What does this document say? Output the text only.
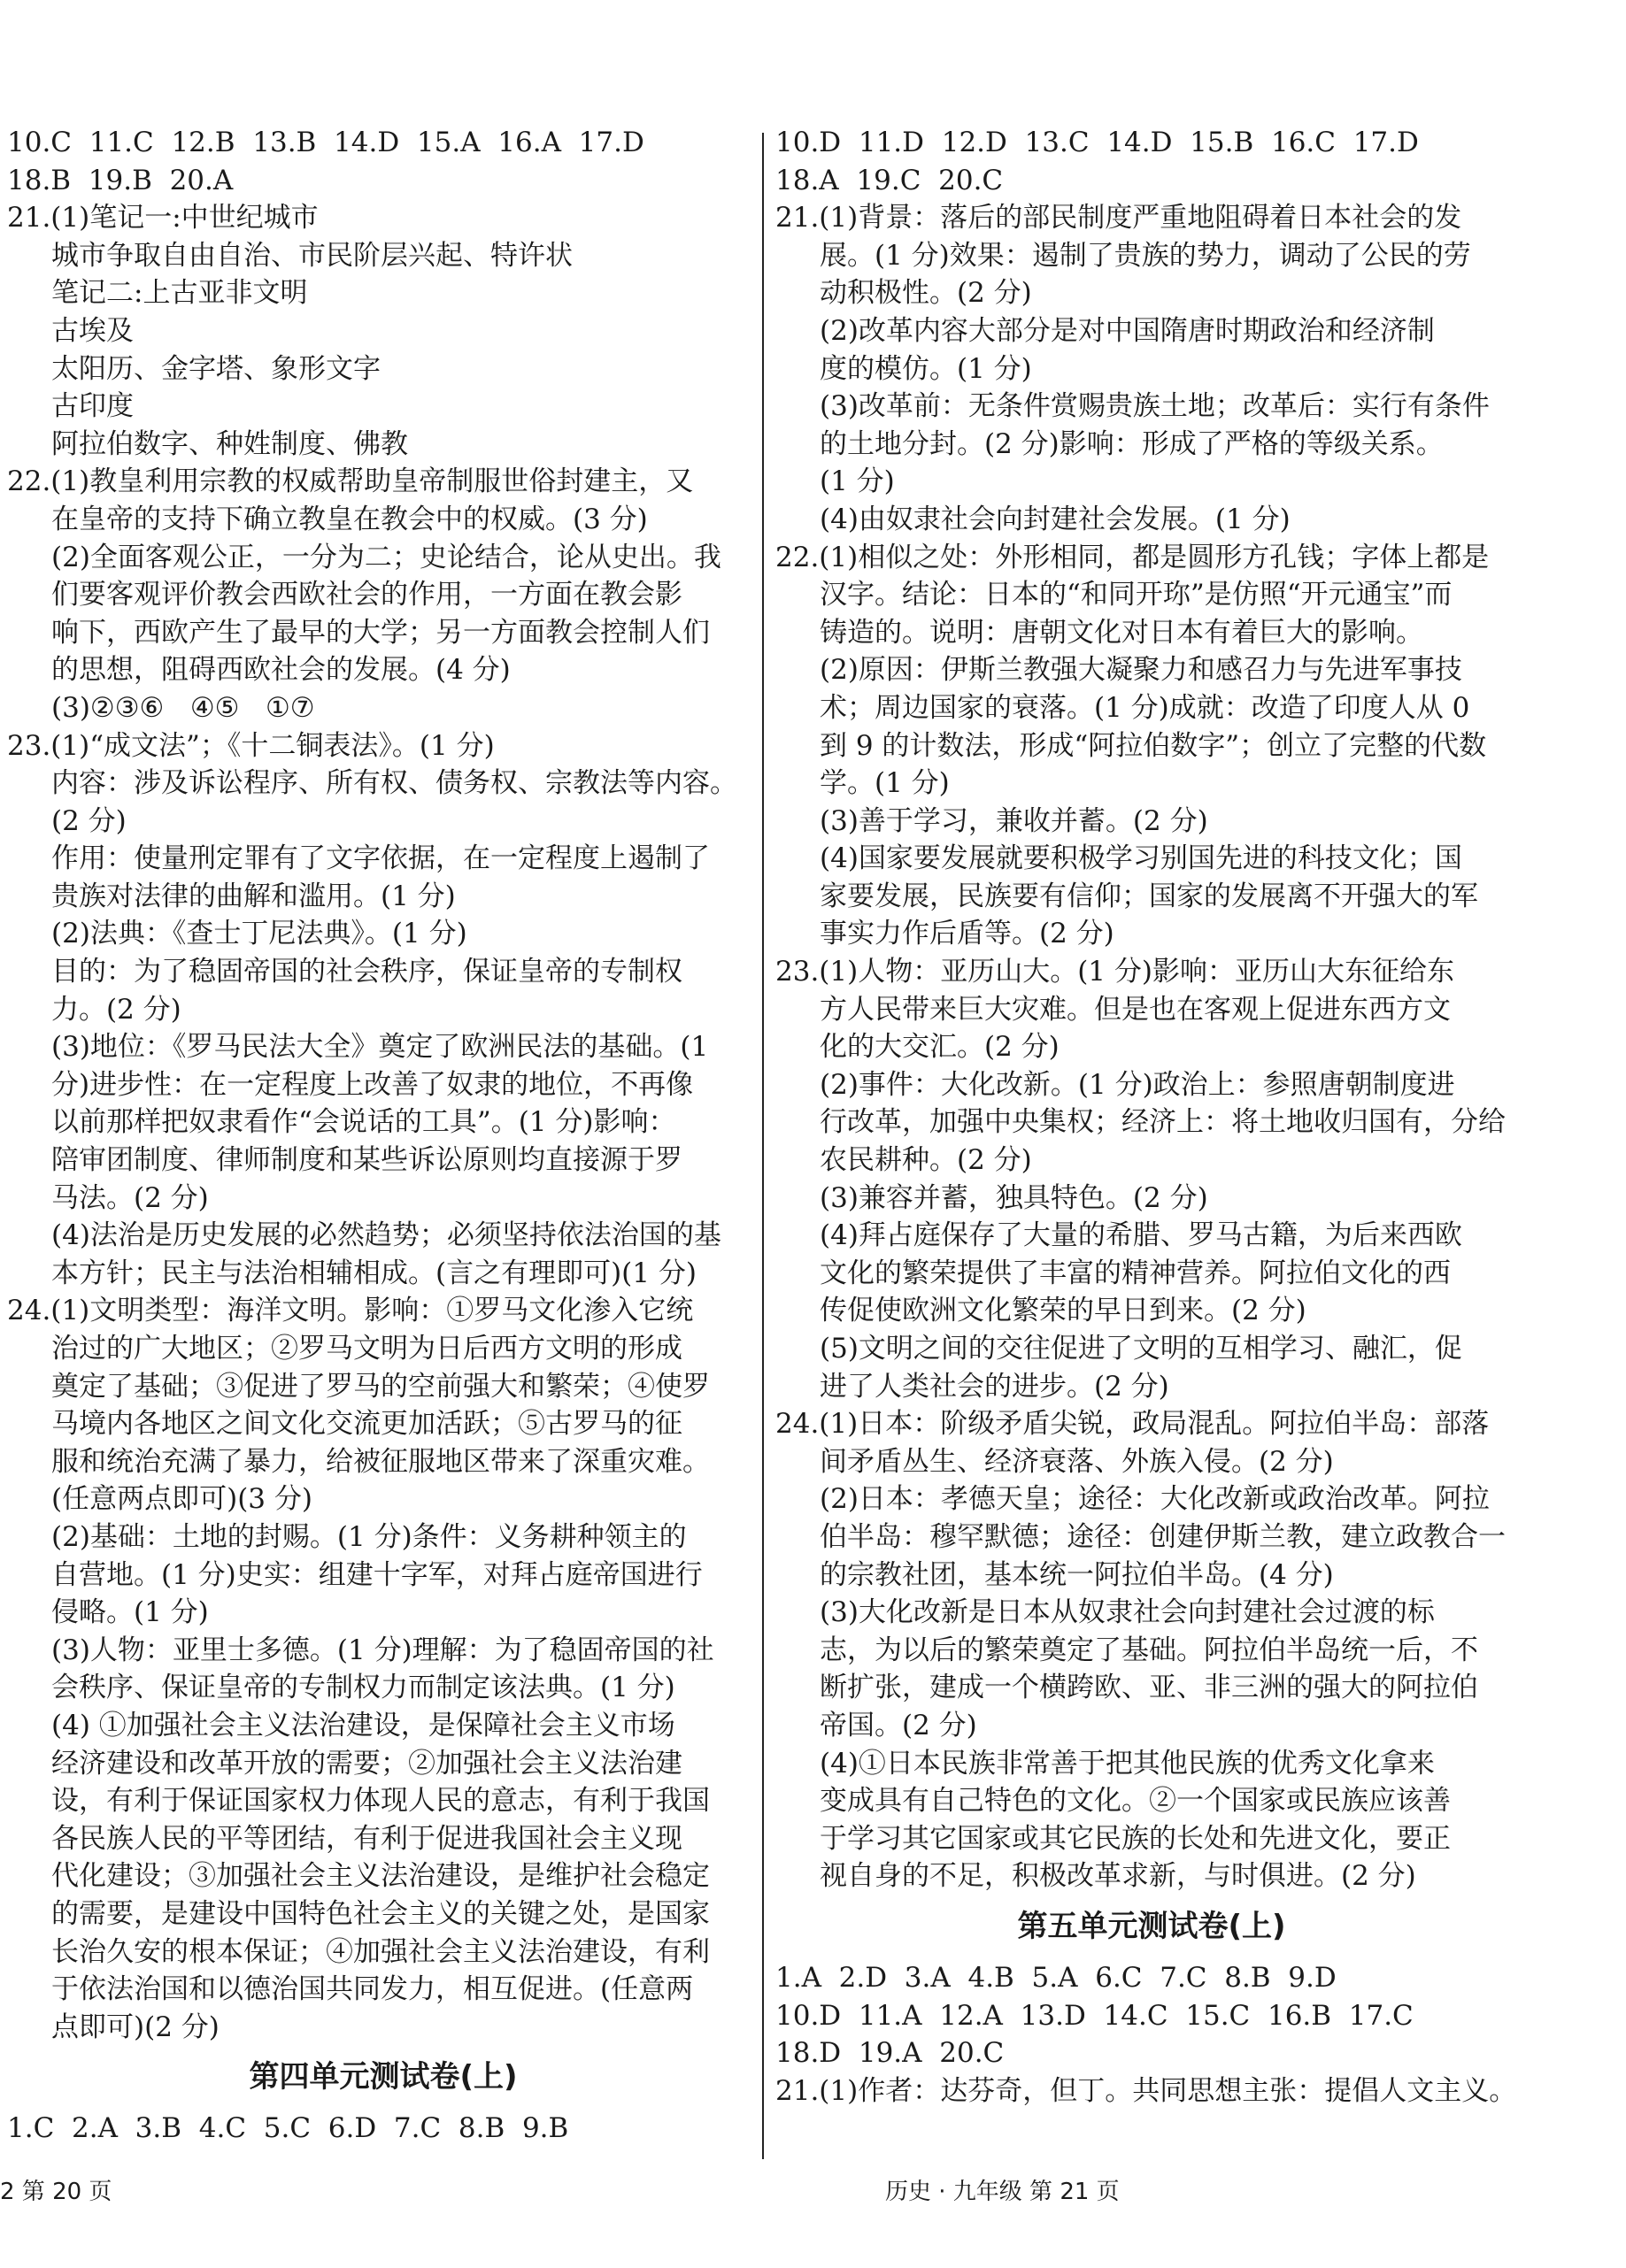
10.C  11.C  12.B  13.B  14.D  15.A  16.A  17.D
18.B  19.B  20.A
21.(1)笔记一:中世纪城市
城市争取自由自治、市民阶层兴起、特许状
笔记二:上古亚非文明
古埃及
太阳历、金字塔、象形文字
古印度
阿拉伯数字、种姓制度、佛教
22.(1)教皇利用宗教的权威帮助皇帝制服世俗封建主，又
在皇帝的支持下确立教皇在教会中的权威。(3 分)
(2)全面客观公正，一分为二；史论结合，论从史出。我
们要客观评价教会西欧社会的作用，一方面在教会影
响下，西欧产生了最早的大学；另一方面教会控制人们
的思想，阻碍西欧社会的发展。(4 分)
(3)②③⑥   ④⑤   ①⑦
23.(1)“成文法”；《十二铜表法》。(1 分)
内容：涉及诉讼程序、所有权、债务权、宗教法等内容。
(2 分)
作用：使量刑定罪有了文字依据，在一定程度上遏制了
贵族对法律的曲解和滥用。(1 分)
(2)法典：《查士丁尼法典》。(1 分)
目的：为了稳固帝国的社会秩序，保证皇帝的专制权
力。(2 分)
(3)地位：《罗马民法大全》奠定了欧洲民法的基础。(1
分)进步性：在一定程度上改善了奴隶的地位，不再像
以前那样把奴隶看作“会说话的工具”。(1 分)影响：
陪审团制度、律师制度和某些诉讼原则均直接源于罗
马法。(2 分)
(4)法治是历史发展的必然趋势；必须坚持依法治国的基
本方针；民主与法治相辅相成。(言之有理即可)(1 分)
24.(1)文明类型：海洋文明。影响：①罗马文化渗入它统
治过的广大地区；②罗马文明为日后西方文明的形成
奠定了基础；③促进了罗马的空前强大和繁荣；④使罗
马境内各地区之间文化交流更加活跃；⑤古罗马的征
服和统治充满了暴力，给被征服地区带来了深重灾难。
(任意两点即可)(3 分)
(2)基础：土地的封赐。(1 分)条件：义务耕种领主的
自营地。(1 分)史实：组建十字军，对拜占庭帝国进行
侵略。(1 分)
(3)人物：亚里士多德。(1 分)理解：为了稳固帝国的社
会秩序、保证皇帝的专制权力而制定该法典。(1 分)
(4) ①加强社会主义法治建设，是保障社会主义市场
经济建设和改革开放的需要；②加强社会主义法治建
设，有利于保证国家权力体现人民的意志，有利于我国
各民族人民的平等团结，有利于促进我国社会主义现
代化建设；③加强社会主义法治建设，是维护社会稳定
的需要，是建设中国特色社会主义的关键之处，是国家
长治久安的根本保证；④加强社会主义法治建设，有利
于依法治国和以德治国共同发力，相互促进。(任意两
点即可)(2 分)
第四单元测试卷(上)
1.C  2.A  3.B  4.C  5.C  6.D  7.C  8.B  9.B
10.D  11.D  12.D  13.C  14.D  15.B  16.C  17.D
18.A  19.C  20.C
21.(1)背景：落后的部民制度严重地阻碍着日本社会的发
展。(1 分)效果：遏制了贵族的势力，调动了公民的劳
动积极性。(2 分)
(2)改革内容大部分是对中国隋唐时期政治和经济制
度的模仿。(1 分)
(3)改革前：无条件赏赐贵族土地；改革后：实行有条件
的土地分封。(2 分)影响：形成了严格的等级关系。
(1 分)
(4)由奴隶社会向封建社会发展。(1 分)
22.(1)相似之处：外形相同，都是圆形方孔钱；字体上都是
汉字。结论：日本的“和同开珎”是仿照“开元通宝”而
铸造的。说明：唐朝文化对日本有着巨大的影响。
(2)原因：伊斯兰教强大凝聚力和感召力与先进军事技
术；周边国家的衰落。(1 分)成就：改造了印度人从 0
到 9 的计数法，形成“阿拉伯数字”；创立了完整的代数
学。(1 分)
(3)善于学习，兼收并蓄。(2 分)
(4)国家要发展就要积极学习别国先进的科技文化；国
家要发展，民族要有信仰；国家的发展离不开强大的军
事实力作后盾等。(2 分)
23.(1)人物：亚历山大。(1 分)影响：亚历山大东征给东
方人民带来巨大灾难。但是也在客观上促进东西方文
化的大交汇。(2 分)
(2)事件：大化改新。(1 分)政治上：参照唐朝制度进
行改革，加强中央集权；经济上：将土地收归国有，分给
农民耕种。(2 分)
(3)兼容并蓄，独具特色。(2 分)
(4)拜占庭保存了大量的希腊、罗马古籍，为后来西欧
文化的繁荣提供了丰富的精神营养。阿拉伯文化的西
传促使欧洲文化繁荣的早日到来。(2 分)
(5)文明之间的交往促进了文明的互相学习、融汇，促
进了人类社会的进步。(2 分)
24.(1)日本：阶级矛盾尖锐，政局混乱。阿拉伯半岛：部落
间矛盾丛生、经济衰落、外族入侵。(2 分)
(2)日本：孝德天皇；途径：大化改新或政治改革。阿拉
伯半岛：穆罕默德；途径：创建伊斯兰教，建立政教合一
的宗教社团，基本统一阿拉伯半岛。(4 分)
(3)大化改新是日本从奴隶社会向封建社会过渡的标
志，为以后的繁荣奠定了基础。阿拉伯半岛统一后，不
断扩张，建成一个横跨欧、亚、非三洲的强大的阿拉伯
帝国。(2 分)
(4)①日本民族非常善于把其他民族的优秀文化拿来
变成具有自己特色的文化。②一个国家或民族应该善
于学习其它国家或其它民族的长处和先进文化，要正
视自身的不足，积极改革求新，与时俱进。(2 分)
第五单元测试卷(上)
1.A  2.D  3.A  4.B  5.A  6.C  7.C  8.B  9.D
10.D  11.A  12.A  13.D  14.C  15.C  16.B  17.C
18.D  19.A  20.C
21.(1)作者：达芬奇，但丁。共同思想主张：提倡人文主义。
2 第 20 页	历史 · 九年级 第 21 页
